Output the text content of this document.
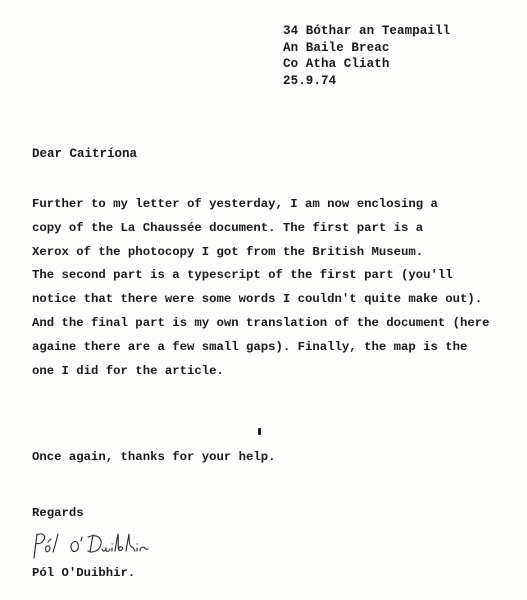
34 Bóthar an Teampaill
An Baile Breac
Co Atha Cliath
25.9.74
Dear Caitríona
Further to my letter of yesterday, I am now enclosing a
copy of the La Chaussée document. The first part is a
Xerox of the photocopy I got from the British Museum.
The second part is a typescript of the first part (you'll
notice that there were some words I couldn't quite make out).
And the final part is my own translation of the document (here
againe there are a few small gaps). Finally, the map is the
one I did for the article.
Once again, thanks for your help.
Regards
Pól O'Duibhir.
